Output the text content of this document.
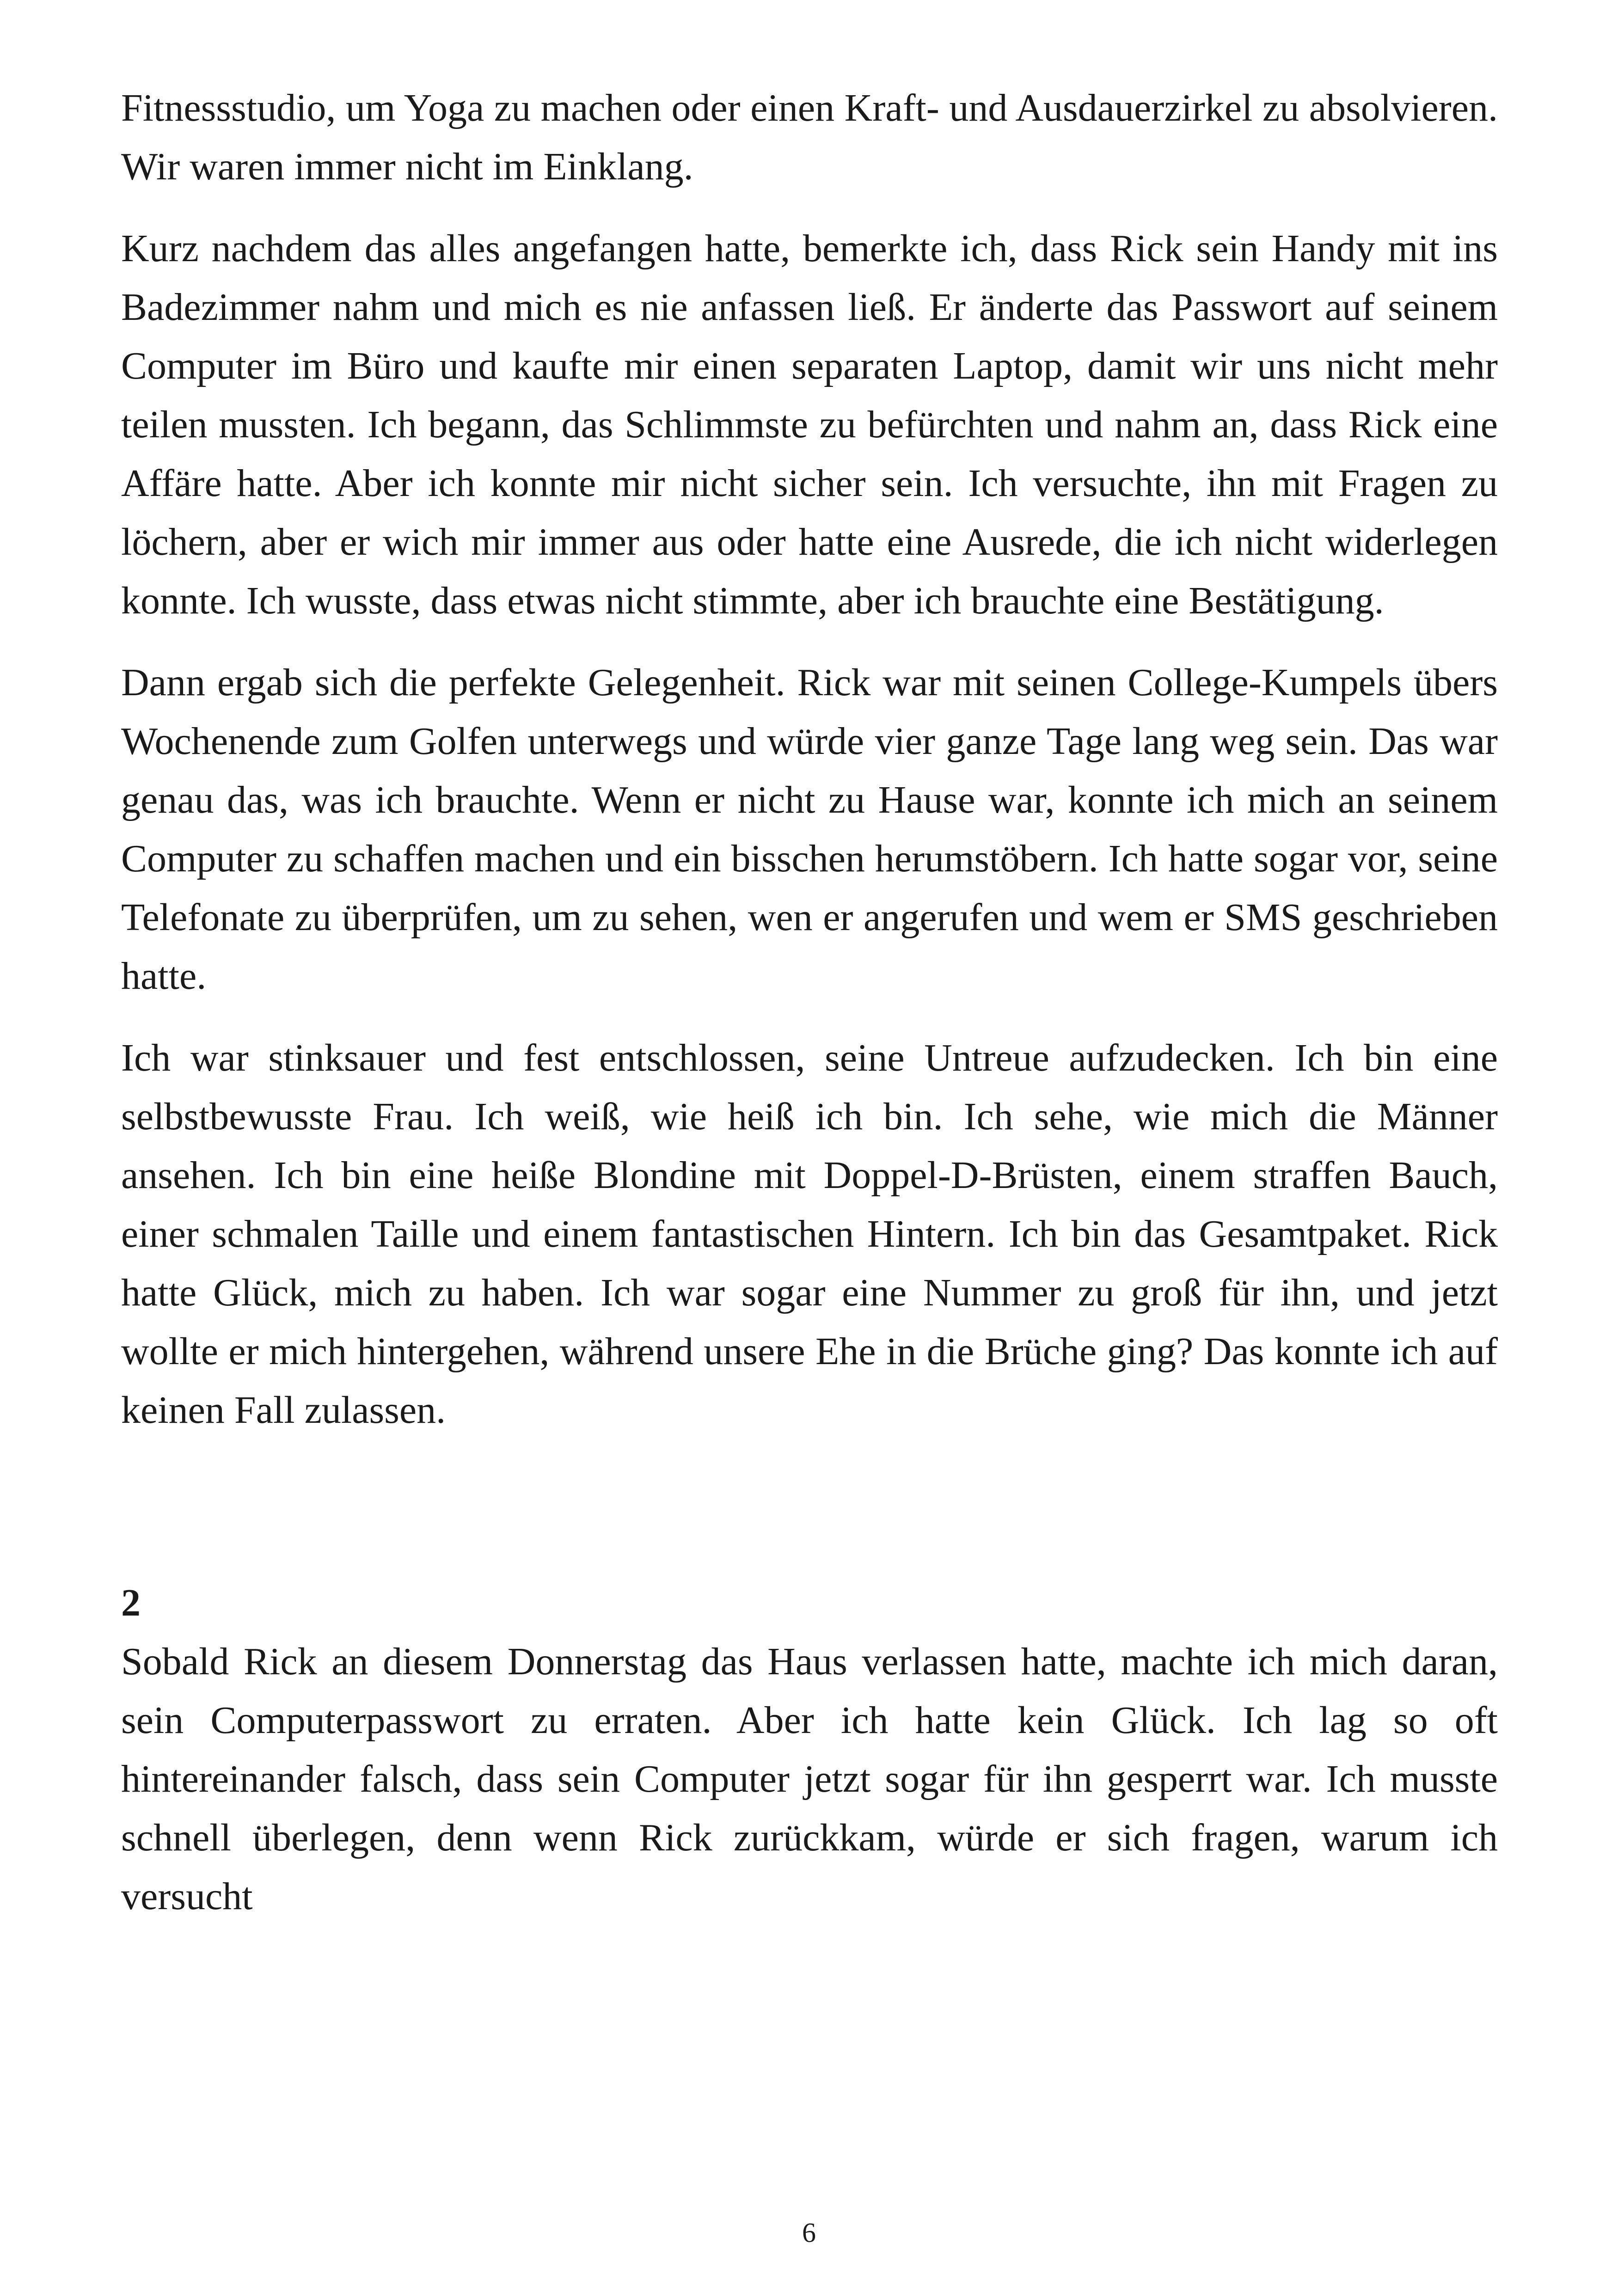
Fitnessstudio, um Yoga zu machen oder einen Kraft- und Ausdauerzirkel zu absolvieren. Wir waren immer nicht im Einklang.

Kurz nachdem das alles angefangen hatte, bemerkte ich, dass Rick sein Handy mit ins Badezimmer nahm und mich es nie anfassen ließ. Er änderte das Passwort auf seinem Computer im Büro und kaufte mir einen separaten Laptop, damit wir uns nicht mehr teilen mussten. Ich begann, das Schlimmste zu befürchten und nahm an, dass Rick eine Affäre hatte. Aber ich konnte mir nicht sicher sein. Ich versuchte, ihn mit Fragen zu löchern, aber er wich mir immer aus oder hatte eine Ausrede, die ich nicht widerlegen konnte. Ich wusste, dass etwas nicht stimmte, aber ich brauchte eine Bestätigung.

Dann ergab sich die perfekte Gelegenheit. Rick war mit seinen College-Kumpels übers Wochenende zum Golfen unterwegs und würde vier ganze Tage lang weg sein. Das war genau das, was ich brauchte. Wenn er nicht zu Hause war, konnte ich mich an seinem Computer zu schaffen machen und ein bisschen herumstöbern. Ich hatte sogar vor, seine Telefonate zu überprüfen, um zu sehen, wen er angerufen und wem er SMS geschrieben hatte.

Ich war stinksauer und fest entschlossen, seine Untreue aufzudecken. Ich bin eine selbstbewusste Frau. Ich weiß, wie heiß ich bin. Ich sehe, wie mich die Männer ansehen. Ich bin eine heiße Blondine mit Doppel-D-Brüsten, einem straffen Bauch, einer schmalen Taille und einem fantastischen Hintern. Ich bin das Gesamtpaket. Rick hatte Glück, mich zu haben. Ich war sogar eine Nummer zu groß für ihn, und jetzt wollte er mich hintergehen, während unsere Ehe in die Brüche ging? Das konnte ich auf keinen Fall zulassen.

2

Sobald Rick an diesem Donnerstag das Haus verlassen hatte, machte ich mich daran, sein Computerpasswort zu erraten. Aber ich hatte kein Glück. Ich lag so oft hintereinander falsch, dass sein Computer jetzt sogar für ihn gesperrt war. Ich musste schnell überlegen, denn wenn Rick zurückkam, würde er sich fragen, warum ich versucht

6
